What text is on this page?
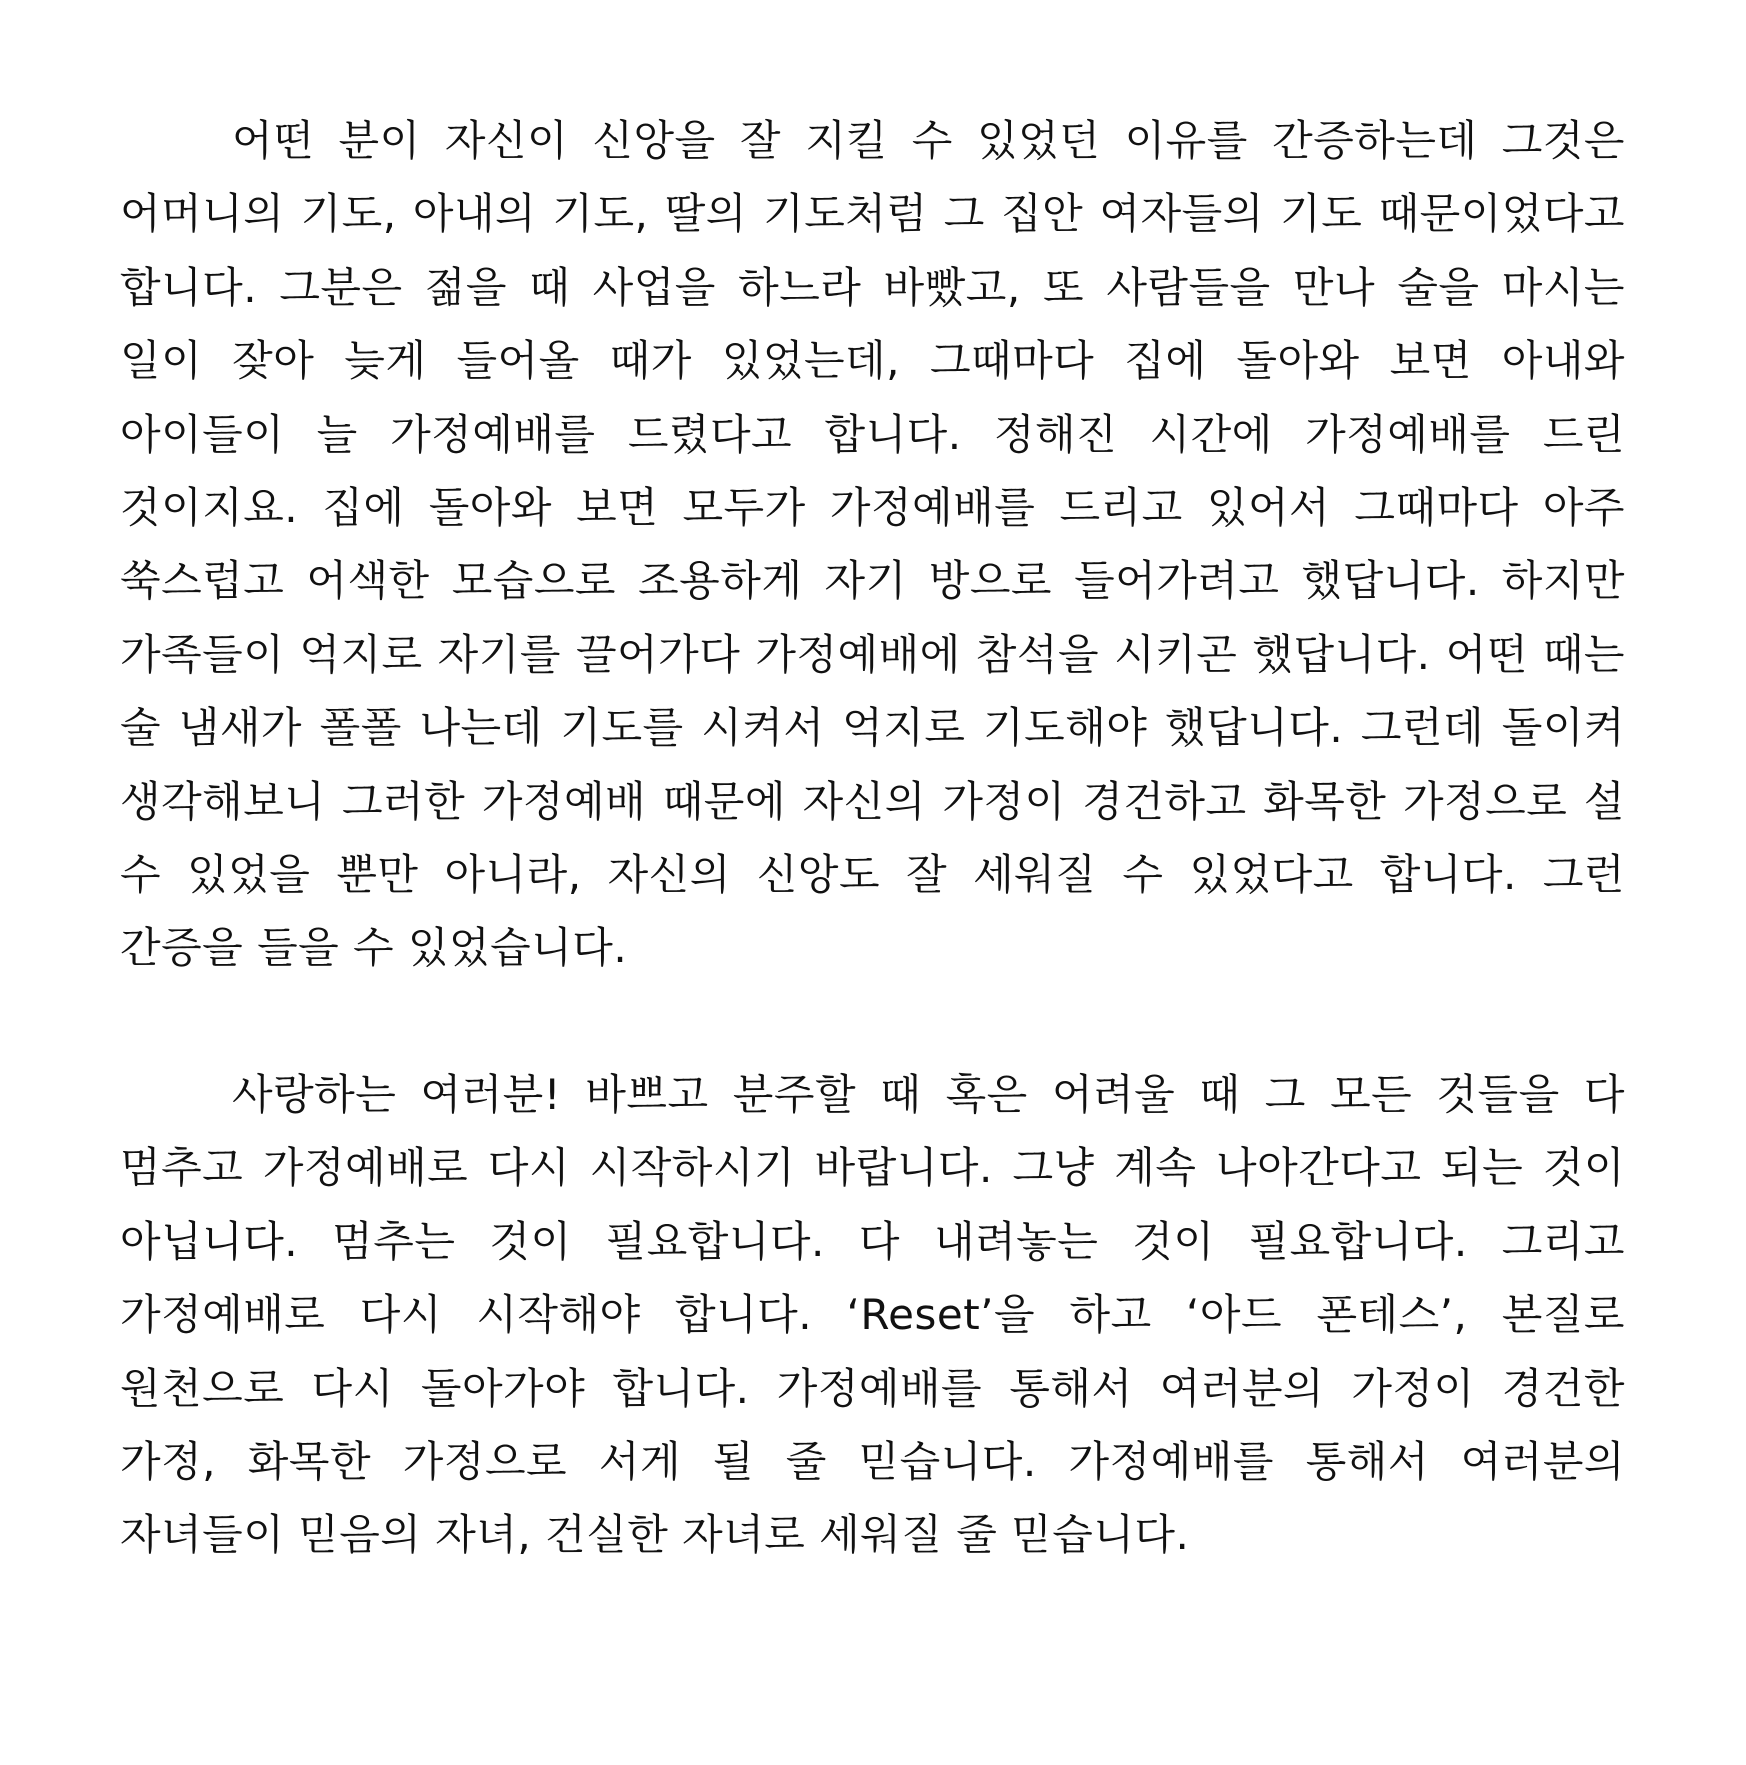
어떤 분이 자신이 신앙을 잘 지킬 수 있었던 이유를 간증하는데 그것은 어머니의 기도, 아내의 기도, 딸의 기도처럼 그 집안 여자들의 기도 때문이었다고 합니다. 그분은 젊을 때 사업을 하느라 바빴고, 또 사람들을 만나 술을 마시는 일이 잦아 늦게 들어올 때가 있었는데, 그때마다 집에 돌아와 보면 아내와 아이들이 늘 가정예배를 드렸다고 합니다. 정해진 시간에 가정예배를 드린 것이지요. 집에 돌아와 보면 모두가 가정예배를 드리고 있어서 그때마다 아주 쑥스럽고 어색한 모습으로 조용하게 자기 방으로 들어가려고 했답니다. 하지만 가족들이 억지로 자기를 끌어가다 가정예배에 참석을 시키곤 했답니다. 어떤 때는 술 냄새가 폴폴 나는데 기도를 시켜서 억지로 기도해야 했답니다. 그런데 돌이켜 생각해보니 그러한 가정예배 때문에 자신의 가정이 경건하고 화목한 가정으로 설 수 있었을 뿐만 아니라, 자신의 신앙도 잘 세워질 수 있었다고 합니다. 그런 간증을 들을 수 있었습니다.

사랑하는 여러분! 바쁘고 분주할 때 혹은 어려울 때 그 모든 것들을 다 멈추고 가정예배로 다시 시작하시기 바랍니다. 그냥 계속 나아간다고 되는 것이 아닙니다. 멈추는 것이 필요합니다. 다 내려놓는 것이 필요합니다. 그리고 가정예배로 다시 시작해야 합니다. ‘Reset’을 하고 ‘아드 폰테스’, 본질로 원천으로 다시 돌아가야 합니다. 가정예배를 통해서 여러분의 가정이 경건한 가정, 화목한 가정으로 서게 될 줄 믿습니다. 가정예배를 통해서 여러분의 자녀들이 믿음의 자녀, 건실한 자녀로 세워질 줄 믿습니다.
